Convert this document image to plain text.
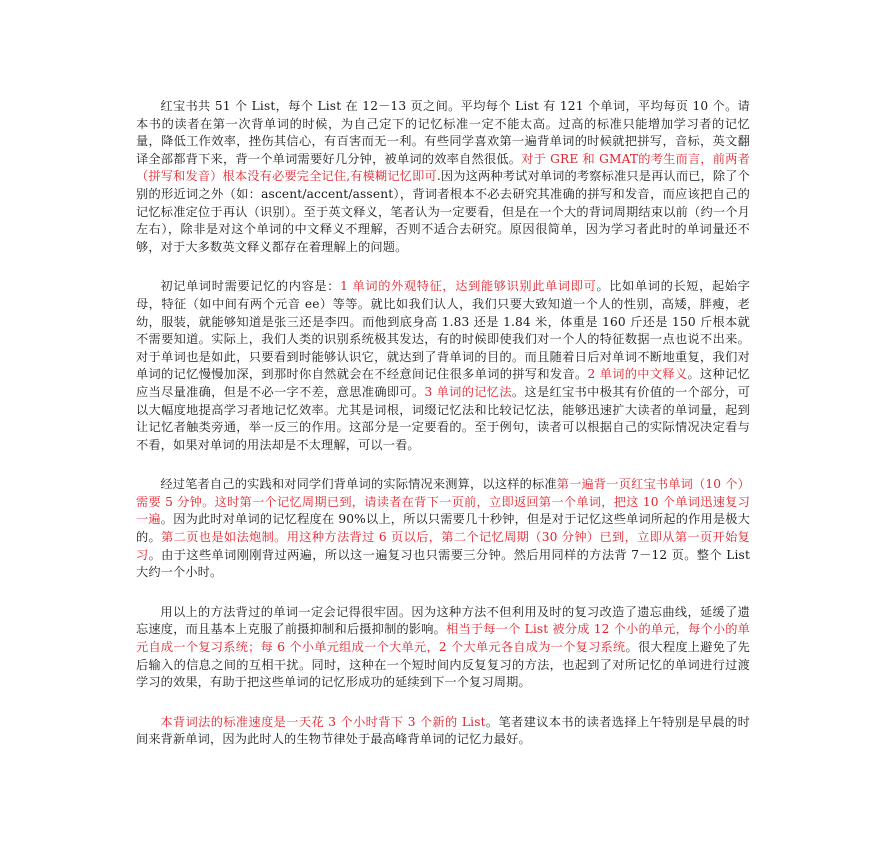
红宝书共 51 个 List，每个 List 在 12－13 页之间。平均每个 List 有 121 个单词，平均每页 10 个。请本书的读者在第一次背单词的时候，为自己定下的记忆标准一定不能太高。过高的标准只能增加学习者的记忆量，降低工作效率，挫伤其信心，有百害而无一利。有些同学喜欢第一遍背单词的时候就把拼写，音标，英文翻译全部都背下来，背一个单词需要好几分钟，被单词的效率自然很低。对于 GRE 和 GMAT的考生而言，前两者（拼写和发音）根本没有必要完全记住,有模糊记忆即可.因为这两种考试对单词的考察标准只是再认而已，除了个别的形近词之外（如：ascent/accent/assent），背词者根本不必去研究其准确的拼写和发音，而应该把自己的记忆标准定位于再认（识别）。至于英文释义，笔者认为一定要看，但是在一个大的背词周期结束以前（约一个月左右），除非是对这个单词的中文释义不理解，否则不适合去研究。原因很简单，因为学习者此时的单词量还不够，对于大多数英文释义都存在着理解上的问题。

初记单词时需要记忆的内容是：1 单词的外观特征，达到能够识别此单词即可。比如单词的长短，起始字母，特征（如中间有两个元音 ee）等等。就比如我们认人，我们只要大致知道一个人的性别，高矮，胖瘦，老幼，服装，就能够知道是张三还是李四。而他到底身高 1.83 还是 1.84 米，体重是 160 斤还是 150 斤根本就不需要知道。实际上，我们人类的识别系统极其发达，有的时候即使我们对一个人的特征数据一点也说不出来。对于单词也是如此，只要看到时能够认识它，就达到了背单词的目的。而且随着日后对单词不断地重复，我们对单词的记忆慢慢加深，到那时你自然就会在不经意间记住很多单词的拼写和发音。2 单词的中文释义。这种记忆应当尽量准确，但是不必一字不差，意思准确即可。3 单词的记忆法。这是红宝书中极其有价值的一个部分，可以大幅度地提高学习者地记忆效率。尤其是词根，词缀记忆法和比较记忆法，能够迅速扩大读者的单词量，起到让记忆者触类旁通，举一反三的作用。这部分是一定要看的。至于例句，读者可以根据自己的实际情况决定看与不看，如果对单词的用法却是不太理解，可以一看。

经过笔者自己的实践和对同学们背单词的实际情况来测算，以这样的标准第一遍背一页红宝书单词（10 个）需要 5 分钟。这时第一个记忆周期已到，请读者在背下一页前，立即返回第一个单词，把这 10 个单词迅速复习一遍。因为此时对单词的记忆程度在 90%以上，所以只需要几十秒钟，但是对于记忆这些单词所起的作用是极大的。第二页也是如法炮制。用这种方法背过 6 页以后，第二个记忆周期（30 分钟）已到，立即从第一页开始复习。由于这些单词刚刚背过两遍，所以这一遍复习也只需要三分钟。然后用同样的方法背 7－12 页。整个 List 大约一个小时。

用以上的方法背过的单词一定会记得很牢固。因为这种方法不但利用及时的复习改造了遗忘曲线，延缓了遗忘速度，而且基本上克服了前摄抑制和后摄抑制的影响。相当于每一个 List 被分成 12 个小的单元，每个小的单元自成一个复习系统；每 6 个小单元组成一个大单元，2 个大单元各自成为一个复习系统。很大程度上避免了先后输入的信息之间的互相干扰。同时，这种在一个短时间内反复复习的方法，也起到了对所记忆的单词进行过渡学习的效果，有助于把这些单词的记忆形成功的延续到下一个复习周期。

本背词法的标准速度是一天花 3 个小时背下 3 个新的 List。笔者建议本书的读者选择上午特别是早晨的时间来背新单词，因为此时人的生物节律处于最高峰背单词的记忆力最好。
